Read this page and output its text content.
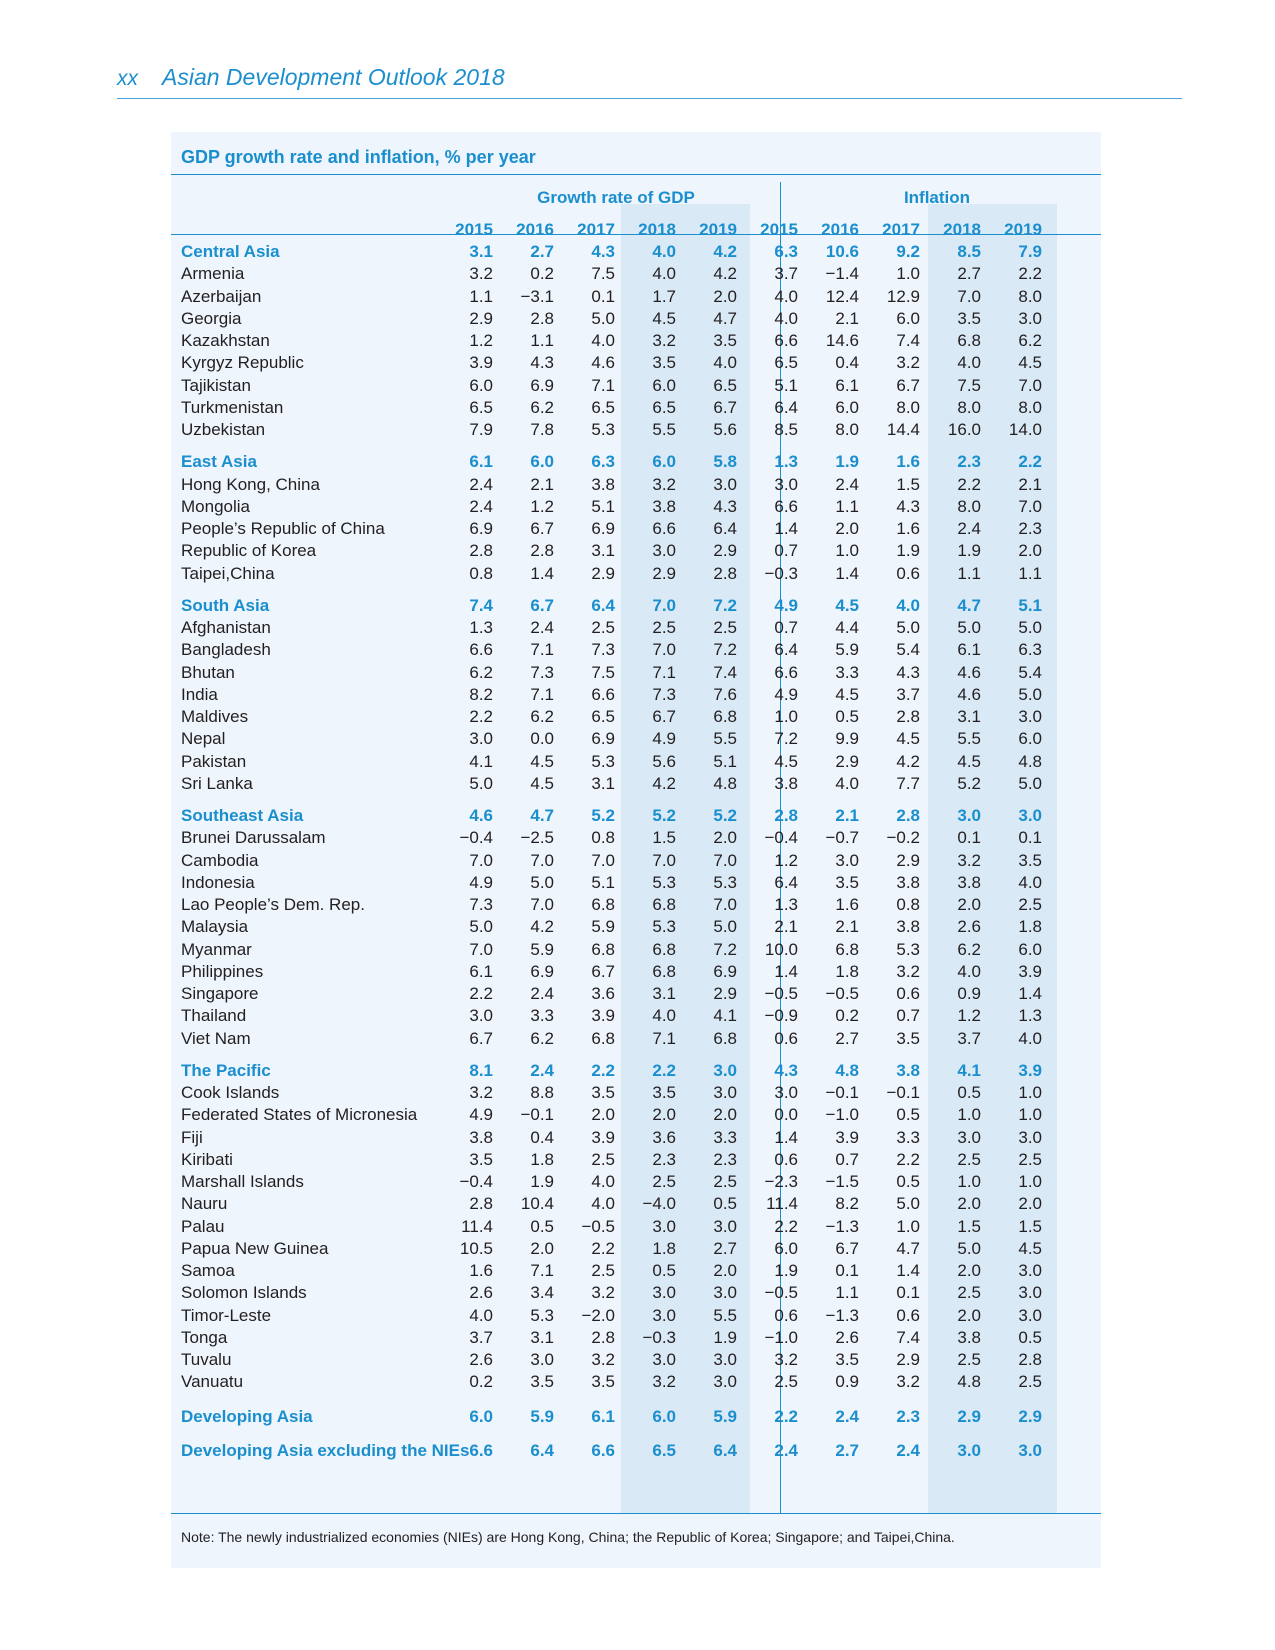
xx Asian Development Outlook 2018
GDP growth rate and inflation, % per year
Growth rate of GDP	Inflation
2015	2016	2017	2018	2019	2015	2016	2017	2018	2019
Central Asia	3.1	2.7	4.3	4.0	4.2	6.3	10.6	9.2	8.5	7.9
Armenia	3.2	0.2	7.5	4.0	4.2	3.7	−1.4	1.0	2.7	2.2
Azerbaijan	1.1	−3.1	0.1	1.7	2.0	4.0	12.4	12.9	7.0	8.0
Georgia	2.9	2.8	5.0	4.5	4.7	4.0	2.1	6.0	3.5	3.0
Kazakhstan	1.2	1.1	4.0	3.2	3.5	6.6	14.6	7.4	6.8	6.2
Kyrgyz Republic	3.9	4.3	4.6	3.5	4.0	6.5	0.4	3.2	4.0	4.5
Tajikistan	6.0	6.9	7.1	6.0	6.5	5.1	6.1	6.7	7.5	7.0
Turkmenistan	6.5	6.2	6.5	6.5	6.7	6.4	6.0	8.0	8.0	8.0
Uzbekistan	7.9	7.8	5.3	5.5	5.6	8.5	8.0	14.4	16.0	14.0
East Asia	6.1	6.0	6.3	6.0	5.8	1.3	1.9	1.6	2.3	2.2
Hong Kong, China	2.4	2.1	3.8	3.2	3.0	3.0	2.4	1.5	2.2	2.1
Mongolia	2.4	1.2	5.1	3.8	4.3	6.6	1.1	4.3	8.0	7.0
People’s Republic of China	6.9	6.7	6.9	6.6	6.4	1.4	2.0	1.6	2.4	2.3
Republic of Korea	2.8	2.8	3.1	3.0	2.9	0.7	1.0	1.9	1.9	2.0
Taipei,China	0.8	1.4	2.9	2.9	2.8	−0.3	1.4	0.6	1.1	1.1
South Asia	7.4	6.7	6.4	7.0	7.2	4.9	4.5	4.0	4.7	5.1
Afghanistan	1.3	2.4	2.5	2.5	2.5	0.7	4.4	5.0	5.0	5.0
Bangladesh	6.6	7.1	7.3	7.0	7.2	6.4	5.9	5.4	6.1	6.3
Bhutan	6.2	7.3	7.5	7.1	7.4	6.6	3.3	4.3	4.6	5.4
India	8.2	7.1	6.6	7.3	7.6	4.9	4.5	3.7	4.6	5.0
Maldives	2.2	6.2	6.5	6.7	6.8	1.0	0.5	2.8	3.1	3.0
Nepal	3.0	0.0	6.9	4.9	5.5	7.2	9.9	4.5	5.5	6.0
Pakistan	4.1	4.5	5.3	5.6	5.1	4.5	2.9	4.2	4.5	4.8
Sri Lanka	5.0	4.5	3.1	4.2	4.8	3.8	4.0	7.7	5.2	5.0
Southeast Asia	4.6	4.7	5.2	5.2	5.2	2.8	2.1	2.8	3.0	3.0
Brunei Darussalam	−0.4	−2.5	0.8	1.5	2.0	−0.4	−0.7	−0.2	0.1	0.1
Cambodia	7.0	7.0	7.0	7.0	7.0	1.2	3.0	2.9	3.2	3.5
Indonesia	4.9	5.0	5.1	5.3	5.3	6.4	3.5	3.8	3.8	4.0
Lao People’s Dem. Rep.	7.3	7.0	6.8	6.8	7.0	1.3	1.6	0.8	2.0	2.5
Malaysia	5.0	4.2	5.9	5.3	5.0	2.1	2.1	3.8	2.6	1.8
Myanmar	7.0	5.9	6.8	6.8	7.2	10.0	6.8	5.3	6.2	6.0
Philippines	6.1	6.9	6.7	6.8	6.9	1.4	1.8	3.2	4.0	3.9
Singapore	2.2	2.4	3.6	3.1	2.9	−0.5	−0.5	0.6	0.9	1.4
Thailand	3.0	3.3	3.9	4.0	4.1	−0.9	0.2	0.7	1.2	1.3
Viet Nam	6.7	6.2	6.8	7.1	6.8	0.6	2.7	3.5	3.7	4.0
The Pacific	8.1	2.4	2.2	2.2	3.0	4.3	4.8	3.8	4.1	3.9
Cook Islands	3.2	8.8	3.5	3.5	3.0	3.0	−0.1	−0.1	0.5	1.0
Federated States of Micronesia	4.9	−0.1	2.0	2.0	2.0	0.0	−1.0	0.5	1.0	1.0
Fiji	3.8	0.4	3.9	3.6	3.3	1.4	3.9	3.3	3.0	3.0
Kiribati	3.5	1.8	2.5	2.3	2.3	0.6	0.7	2.2	2.5	2.5
Marshall Islands	−0.4	1.9	4.0	2.5	2.5	−2.3	−1.5	0.5	1.0	1.0
Nauru	2.8	10.4	4.0	−4.0	0.5	11.4	8.2	5.0	2.0	2.0
Palau	11.4	0.5	−0.5	3.0	3.0	2.2	−1.3	1.0	1.5	1.5
Papua New Guinea	10.5	2.0	2.2	1.8	2.7	6.0	6.7	4.7	5.0	4.5
Samoa	1.6	7.1	2.5	0.5	2.0	1.9	0.1	1.4	2.0	3.0
Solomon Islands	2.6	3.4	3.2	3.0	3.0	−0.5	1.1	0.1	2.5	3.0
Timor-Leste	4.0	5.3	−2.0	3.0	5.5	0.6	−1.3	0.6	2.0	3.0
Tonga	3.7	3.1	2.8	−0.3	1.9	−1.0	2.6	7.4	3.8	0.5
Tuvalu	2.6	3.0	3.2	3.0	3.0	3.2	3.5	2.9	2.5	2.8
Vanuatu	0.2	3.5	3.5	3.2	3.0	2.5	0.9	3.2	4.8	2.5
Developing Asia	6.0	5.9	6.1	6.0	5.9	2.2	2.4	2.3	2.9	2.9
Developing Asia excluding the NIEs 6.6	6.4	6.6	6.5	6.4	2.4	2.7	2.4	3.0	3.0
Note: The newly industrialized economies (NIEs) are Hong Kong, China; the Republic of Korea; Singapore; and Taipei,China.
